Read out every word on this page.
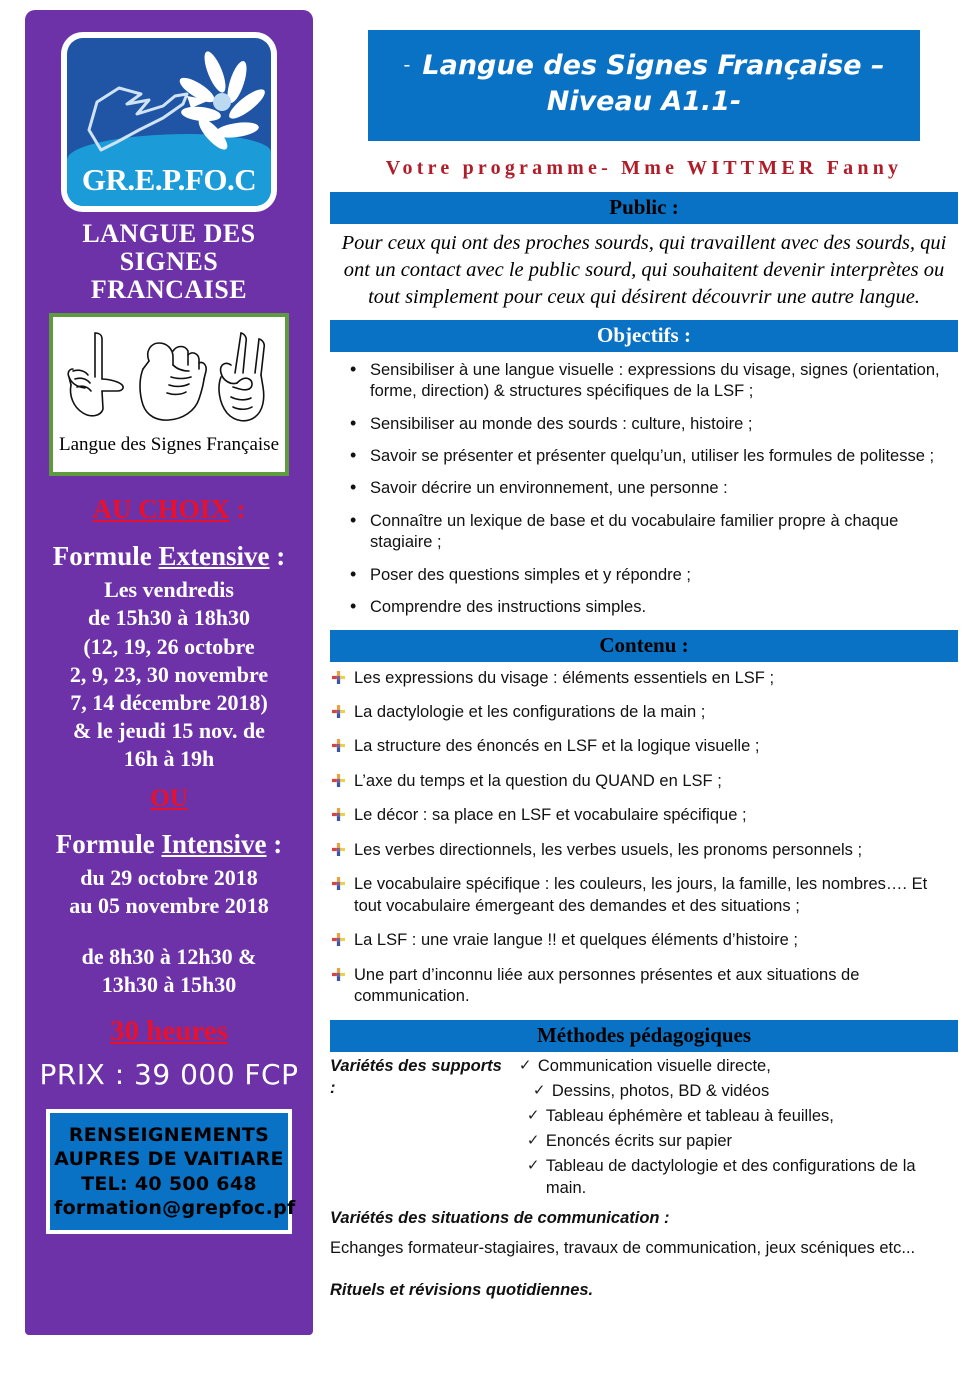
GR.E.P.FO.C
LANGUE DES
SIGNES
FRANCAISE
Langue des Signes Française
AU CHOIX :
Formule Extensive :
Les vendredis
de 15h30 à 18h30
(12, 19, 26 octobre
2, 9, 23, 30 novembre
7, 14 décembre 2018)
& le jeudi 15 nov. de
16h à 19h
OU
Formule Intensive :
du 29 octobre 2018
au 05 novembre 2018
de 8h30 à 12h30 &
13h30 à 15h30
30 heures
PRIX : 39 000 FCP
RENSEIGNEMENTS
AUPRES DE VAITIARE
TEL: 40 500 648
formation@grepfoc.pf
- Langue des Signes Française –
Niveau A1.1-
Votre programme- Mme WITTMER Fanny
Public :
Pour ceux qui ont des proches sourds, qui travaillent avec des sourds, qui ont un contact avec le public sourd, qui souhaitent devenir interprètes ou tout simplement pour ceux qui désirent découvrir une autre langue.
Objectifs :
• Sensibiliser à une langue visuelle : expressions du visage, signes (orientation, forme, direction) & structures spécifiques de la LSF ;
• Sensibiliser au monde des sourds : culture, histoire ;
• Savoir se présenter et présenter quelqu’un, utiliser les formules de politesse ;
• Savoir décrire un environnement, une personne :
• Connaître un lexique de base et du vocabulaire familier propre à chaque stagiaire ;
• Poser des questions simples et y répondre ;
• Comprendre des instructions simples.
Contenu :
Les expressions du visage : éléments essentiels en LSF ;
La dactylologie et les configurations de la main ;
La structure des énoncés en LSF et la logique visuelle ;
L’axe du temps et la question du QUAND en LSF ;
Le décor : sa place en LSF et vocabulaire spécifique ;
Les verbes directionnels, les verbes usuels, les pronoms personnels ;
Le vocabulaire spécifique : les couleurs, les jours, la famille, les nombres…. Et tout vocabulaire émergeant des demandes et des situations ;
La LSF : une vraie langue !! et quelques éléments d’histoire ;
Une part d’inconnu liée aux personnes présentes et aux situations de communication.
Méthodes pédagogiques
Variétés des supports :
✓ Communication visuelle directe,
✓ Dessins, photos, BD & vidéos
✓ Tableau éphémère et tableau à feuilles,
✓ Enoncés écrits sur papier
✓ Tableau de dactylologie et des configurations de la main.
Variétés des situations de communication :
Echanges formateur-stagiaires, travaux de communication, jeux scéniques etc...
Rituels et révisions quotidiennes.
